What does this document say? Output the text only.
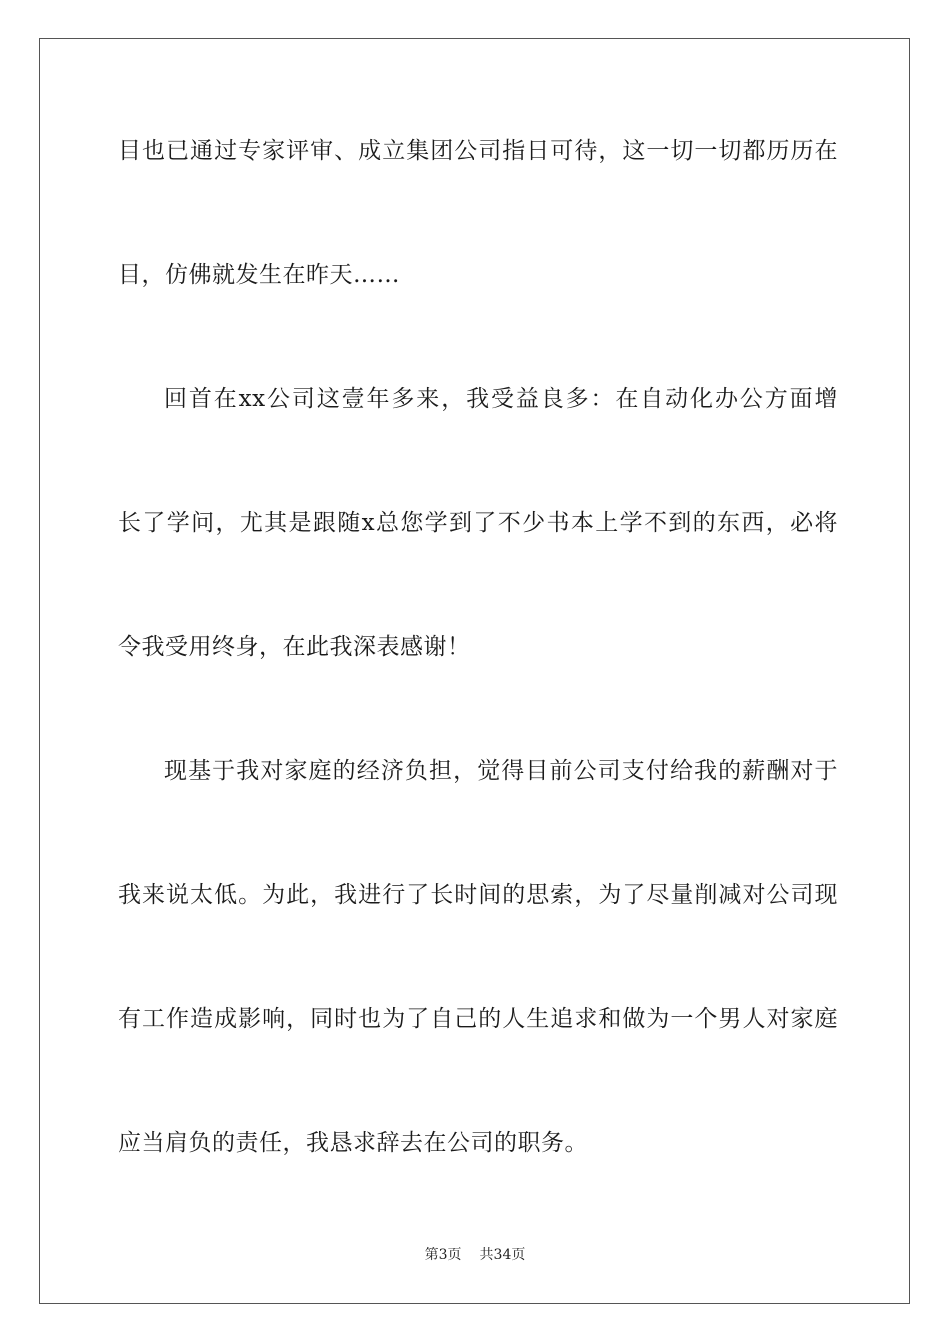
目也已通过专家评审、成立集团公司指日可待，这一切一切都历历在
目，仿佛就发生在昨天……
回首在xx公司这壹年多来，我受益良多：在自动化办公方面增
长了学问，尤其是跟随x总您学到了不少书本上学不到的东西，必将
令我受用终身，在此我深表感谢！
现基于我对家庭的经济负担，觉得目前公司支付给我的薪酬对于
我来说太低。为此，我进行了长时间的思索，为了尽量削减对公司现
有工作造成影响，同时也为了自己的人生追求和做为一个男人对家庭
应当肩负的责任，我恳求辞去在公司的职务。
第3页 共34页
